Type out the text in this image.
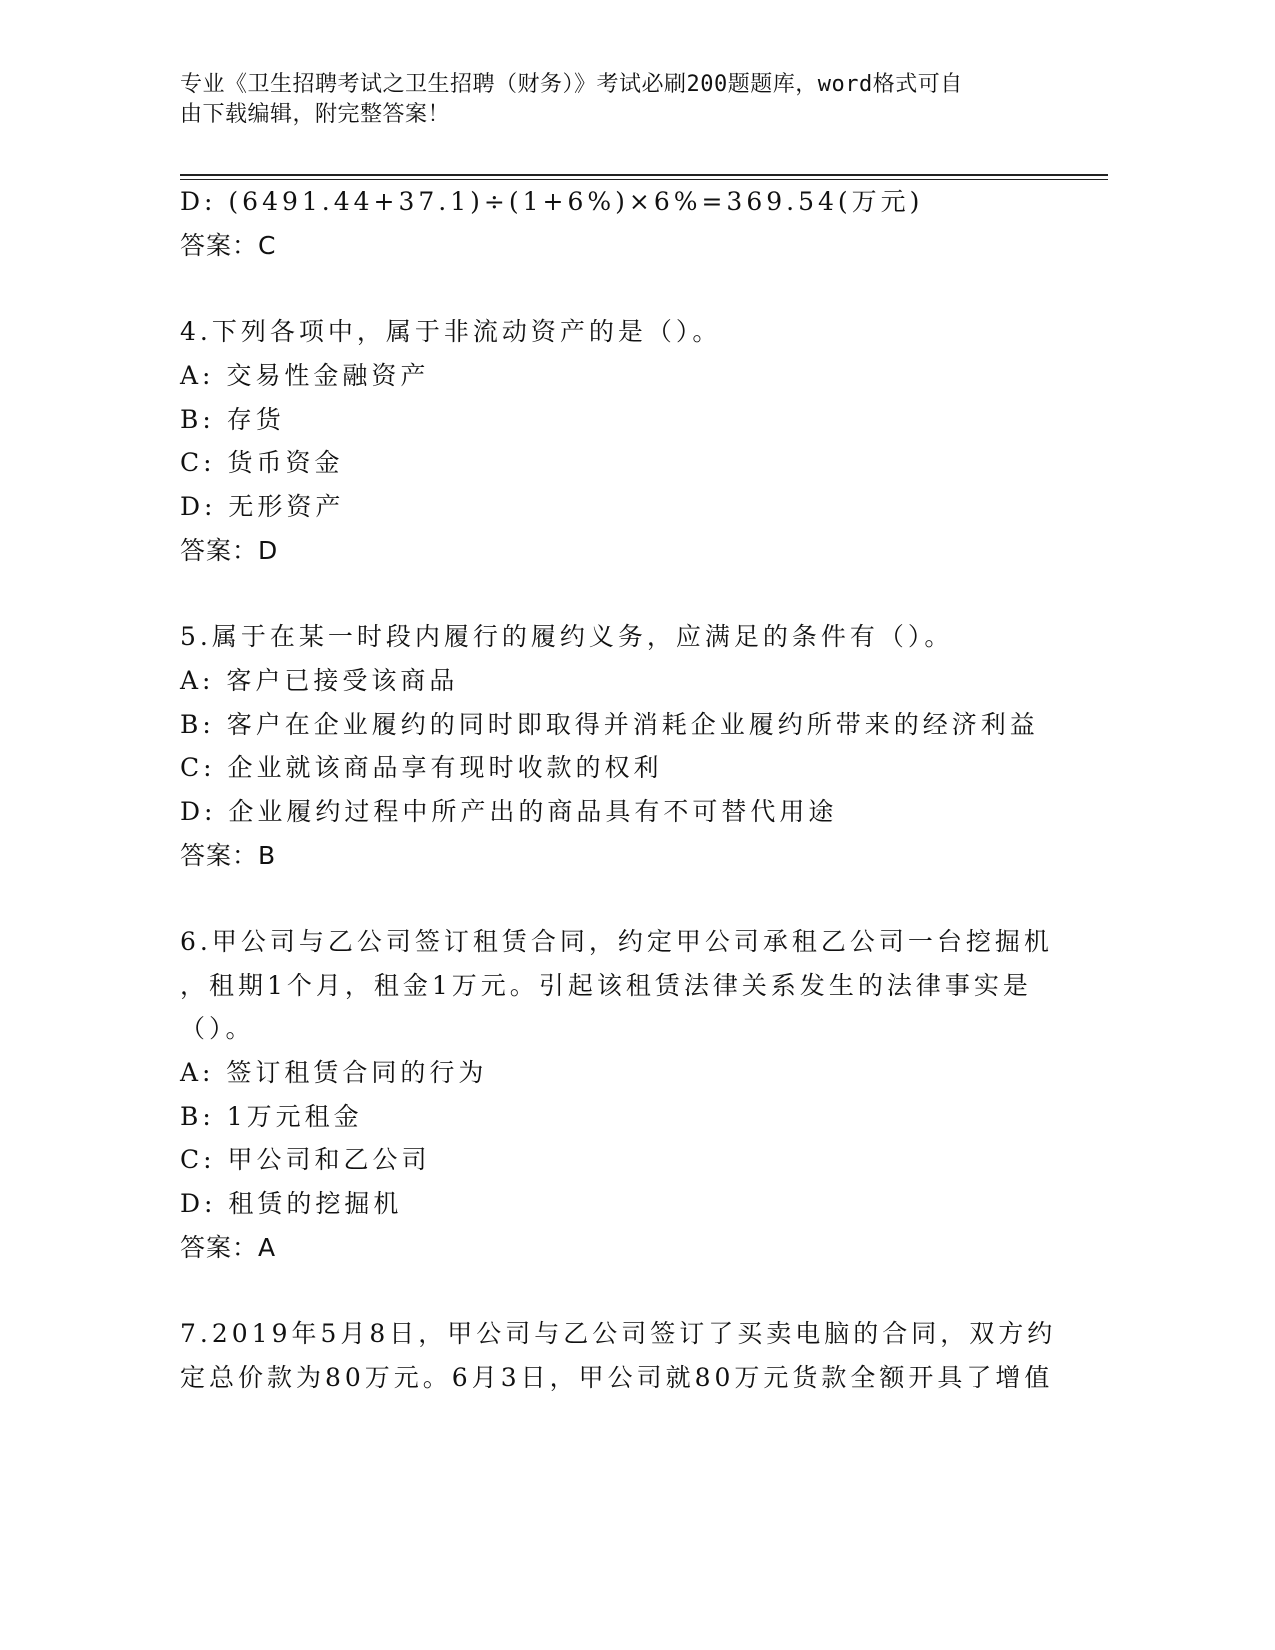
专业《卫生招聘考试之卫生招聘（财务）》考试必刷200题题库，word格式可自
由下载编辑，附完整答案！
D: (6491.44+37.1)÷(1+6%)×6%=369.54(万元)
答案：C
4.下列各项中，属于非流动资产的是（）。
A: 交易性金融资产
B: 存货
C: 货币资金
D: 无形资产
答案：D
5.属于在某一时段内履行的履约义务，应满足的条件有（）。
A: 客户已接受该商品
B: 客户在企业履约的同时即取得并消耗企业履约所带来的经济利益
C: 企业就该商品享有现时收款的权利
D: 企业履约过程中所产出的商品具有不可替代用途
答案：B
6.甲公司与乙公司签订租赁合同，约定甲公司承租乙公司一台挖掘机
，租期1个月，租金1万元。引起该租赁法律关系发生的法律事实是
（）。
A: 签订租赁合同的行为
B: 1万元租金
C: 甲公司和乙公司
D: 租赁的挖掘机
答案：A
7.2019年5月8日，甲公司与乙公司签订了买卖电脑的合同，双方约
定总价款为80万元。6月3日，甲公司就80万元货款全额开具了增值
